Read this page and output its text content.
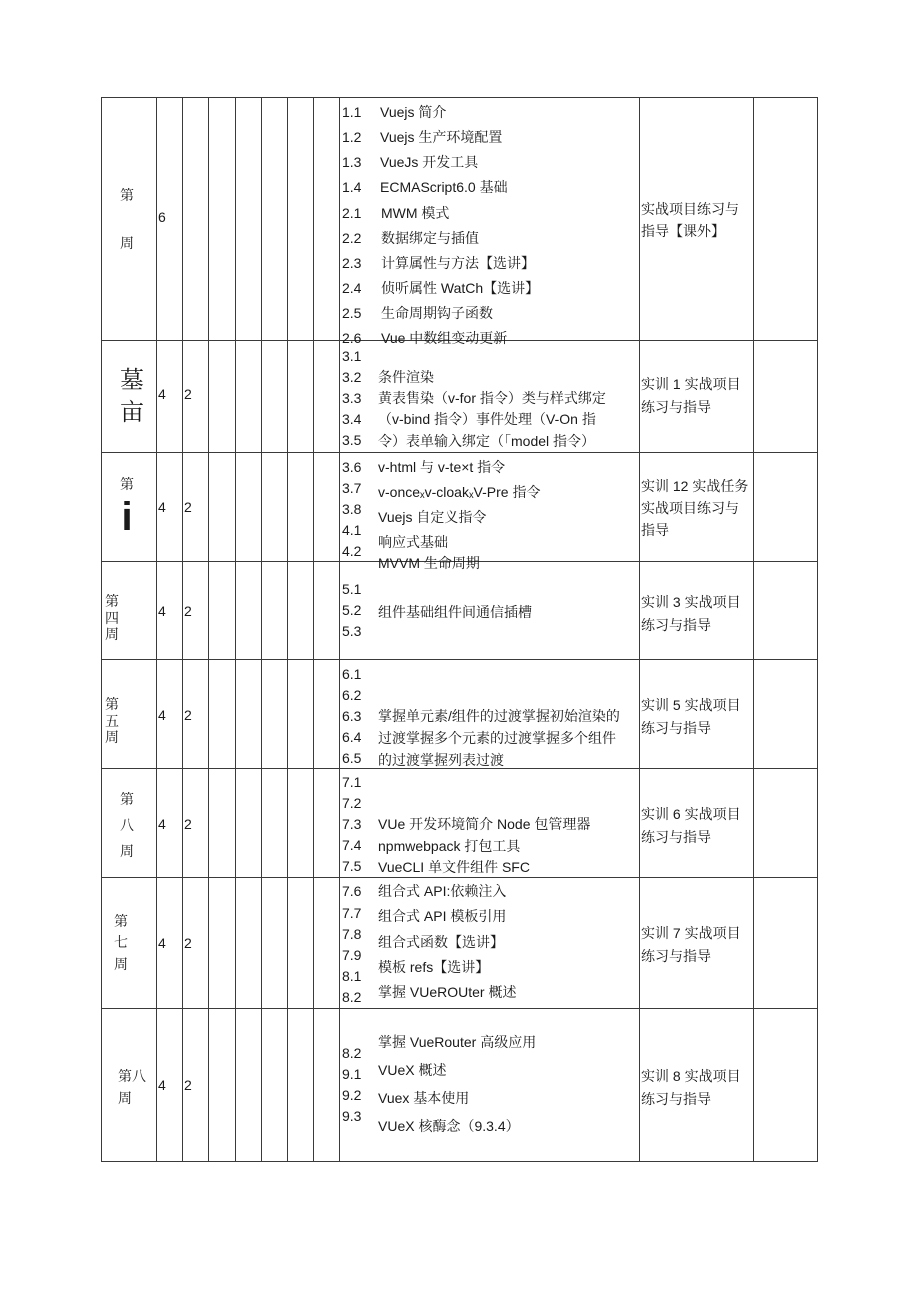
第
周
6
1.1 Vuejs 简介
1.2 Vuejs 生产环境配置
1.3 VueJs 开发工具
1.4 ECMAScript6.0 基础
2.1 MWM 模式
2.2 数据绑定与插值
2.3 计算属性与方法【选讲】
2.4 侦听属性 WatCh【选讲】
2.5 生命周期钩子函数
2.6 Vue 中数组变动更新
实战项目练习与
指导【课外】
墓
亩
4 2
3.1
3.2
3.3
3.4
3.5
条件渲染
黄表售染（v-for 指令）类与样式绑定
（v-bind 指令）事件处理（V-On 指
令）表单输入绑定（「model 指令）
实训 1 实战项目
练习与指导
第
i	4 2
3.6 v-html 与 v-te×t 指令
3.7 v-onceₓv-cloakₓV-Pre 指令
3.8 Vuejs 自定义指令
4.1
响应式基础
4.2
MVVM 生命周期
实训 12 实战任务
实战项目练习与
指导
第
四
周
4 2
5.1
5.2
5.3
组件基础组件间通信插槽
实训 3 实战项目
练习与指导
第
五
周
4 2
6.1
6.2
6.3
6.4
6.5
掌握单元素/组件的过渡掌握初始渲染的
过渡掌握多个元素的过渡掌握多个组件
的过渡掌握列表过渡
实训 5 实战项目
练习与指导
第
八
周
4 2
7.1
7.2
7.3
7.4
7.5
VUe 开发环境简介 Node 包管理器
npmwebpack 打包工具
VueCLI 单文件组件 SFC
实训 6 实战项目
练习与指导
第
七
周
4 2
7.6
7.7
7.8
7.9
8.1
8.2
组合式 API:依赖注入
组合式 API 模板引用
组合式函数【选讲】
模板 refs【选讲】
掌握 VUeROUter 概述
实训 7 实战项目
练习与指导
第八
周
4 2
8.2
9.1
9.2
9.3
掌握 VueRouter 高级应用
VUeX 概述
Vuex 基本使用
VUeX 核酶念（9.3.4）
实训 8 实战项目
练习与指导
